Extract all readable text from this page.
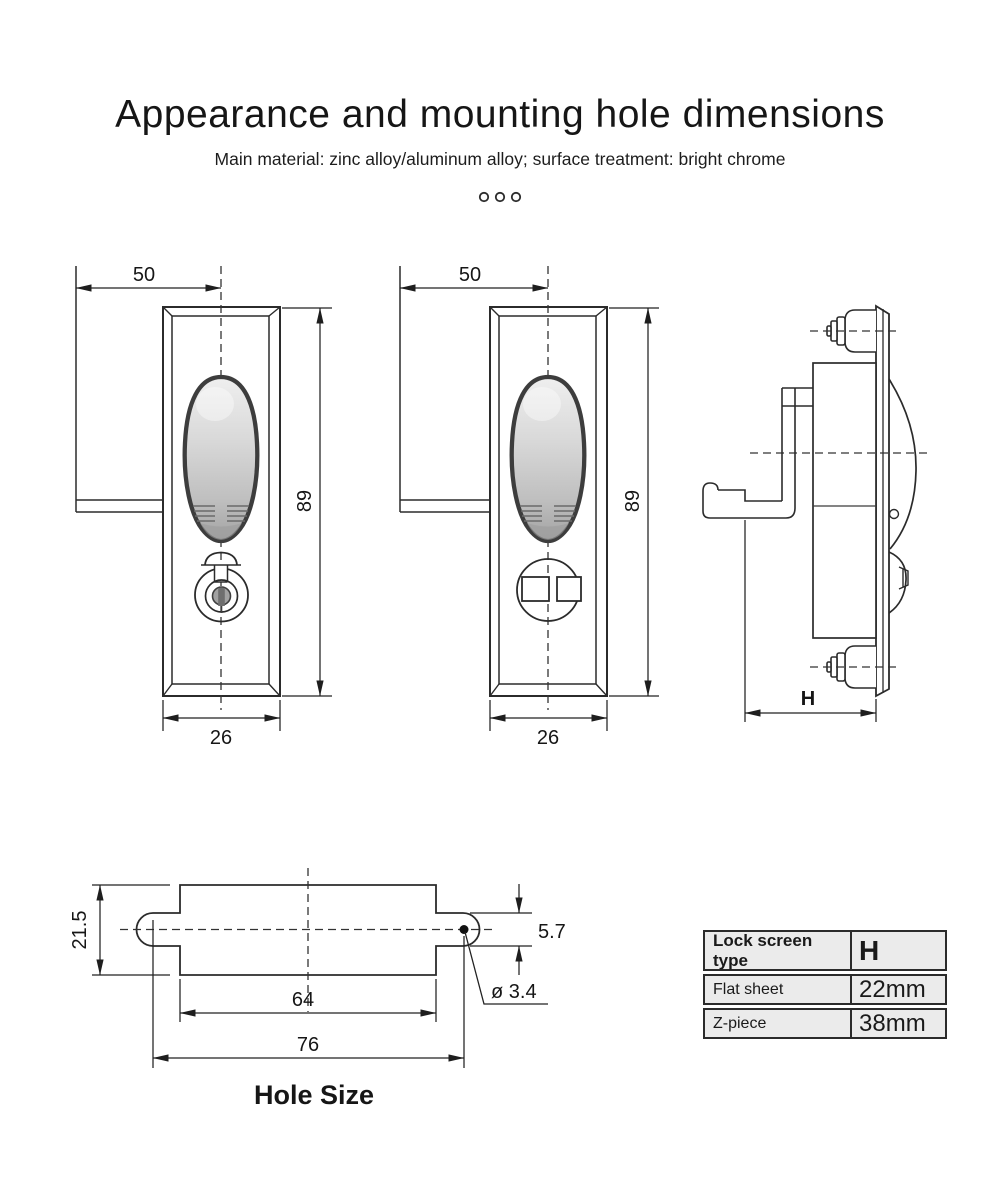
Appearance and mounting hole dimensions
Main material: zinc alloy/aluminum alloy; surface treatment: bright chrome
50
89
26
50
89
26
H
21.5	5.7
ø 3.4
64
76
Hole Size
Lock screen type	H
Flat sheet	22mm
Z-piece	38mm
